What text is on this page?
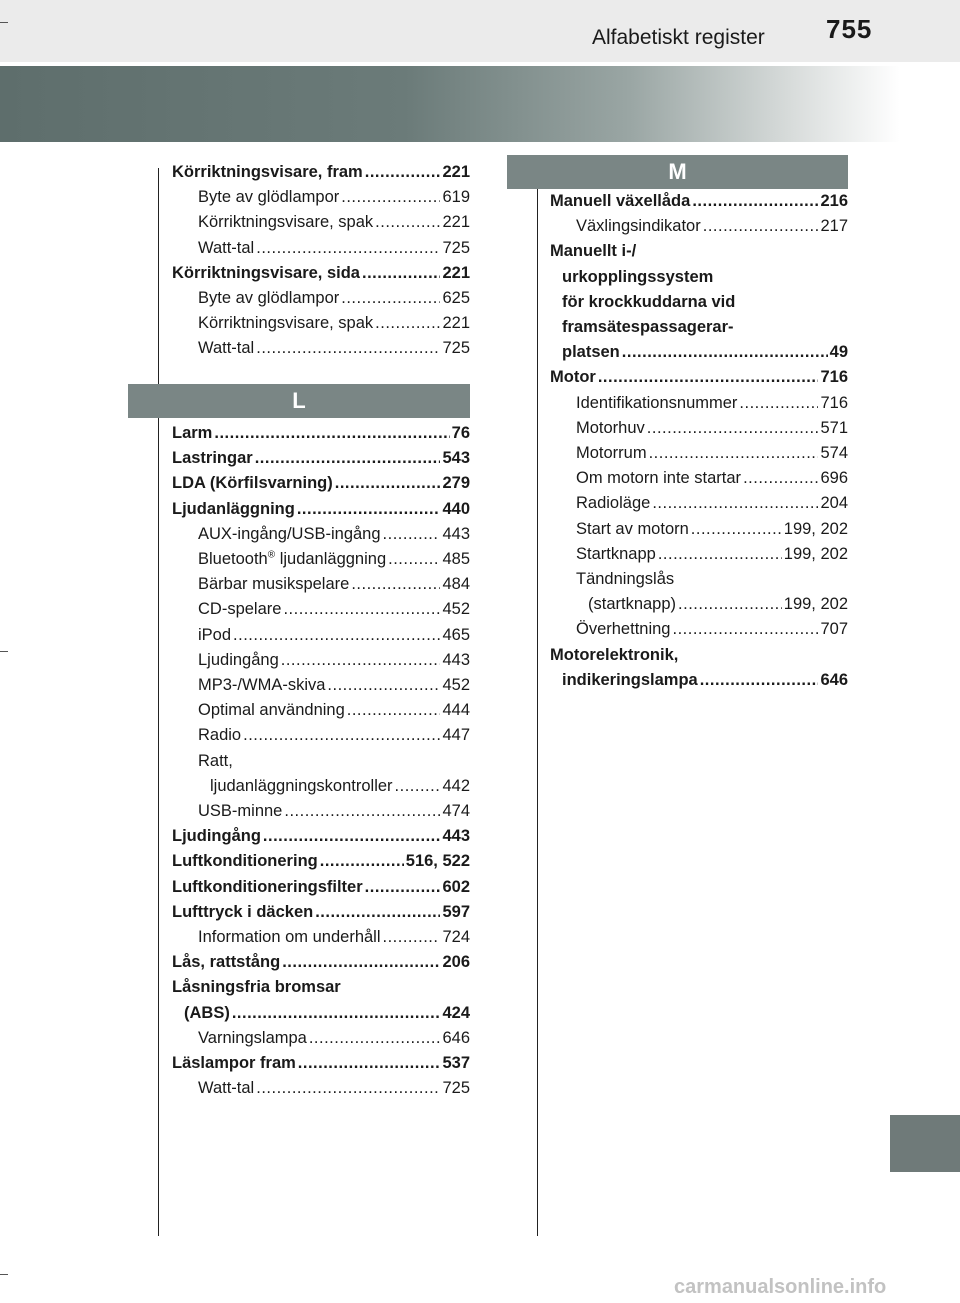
Alfabetiskt register 755
Körriktningsvisare, fram .....	221
Byte av glödlampor .....	619
Körriktningsvisare, spak .....	221
Watt-tal .....	725
Körriktningsvisare, sida .....	221
Byte av glödlampor .....	625
Körriktningsvisare, spak .....	221
Watt-tal .....	725
L
Larm .....	76
Lastringar .....	543
LDA (Körfilsvarning) .....	279
Ljudanläggning .....	440
AUX-ingång/USB-ingång .....	443
Bluetooth® ljudanläggning .....	485
Bärbar musikspelare .....	484
CD-spelare .....	452
iPod .....	465
Ljudingång .....	443
MP3-/WMA-skiva .....	452
Optimal användning .....	444
Radio .....	447
Ratt,
ljudanläggningskontroller .....	442
USB-minne .....	474
Ljudingång .....	443
Luftkonditionering .....	516, 522
Luftkonditioneringsfilter .....	602
Lufttryck i däcken .....	597
Information om underhåll .....	724
Lås, rattstång .....	206
Låsningsfria bromsar
(ABS) .....	424
Varningslampa .....	646
Läslampor fram .....	537
Watt-tal .....	725
M
Manuell växellåda .....	216
Växlingsindikator .....	217
Manuellt i-/
urkopplingssystem
för krockkuddarna vid
framsätespassagerar-
platsen .....	49
Motor .....	716
Identifikationsnummer .....	716
Motorhuv .....	571
Motorrum .....	574
Om motorn inte startar .....	696
Radioläge .....	204
Start av motorn .....	199, 202
Startknapp .....	199, 202
Tändningslås
(startknapp) .....	199, 202
Överhettning .....	707
Motorelektronik,
indikeringslampa .....	646
carmanualsonline.info
